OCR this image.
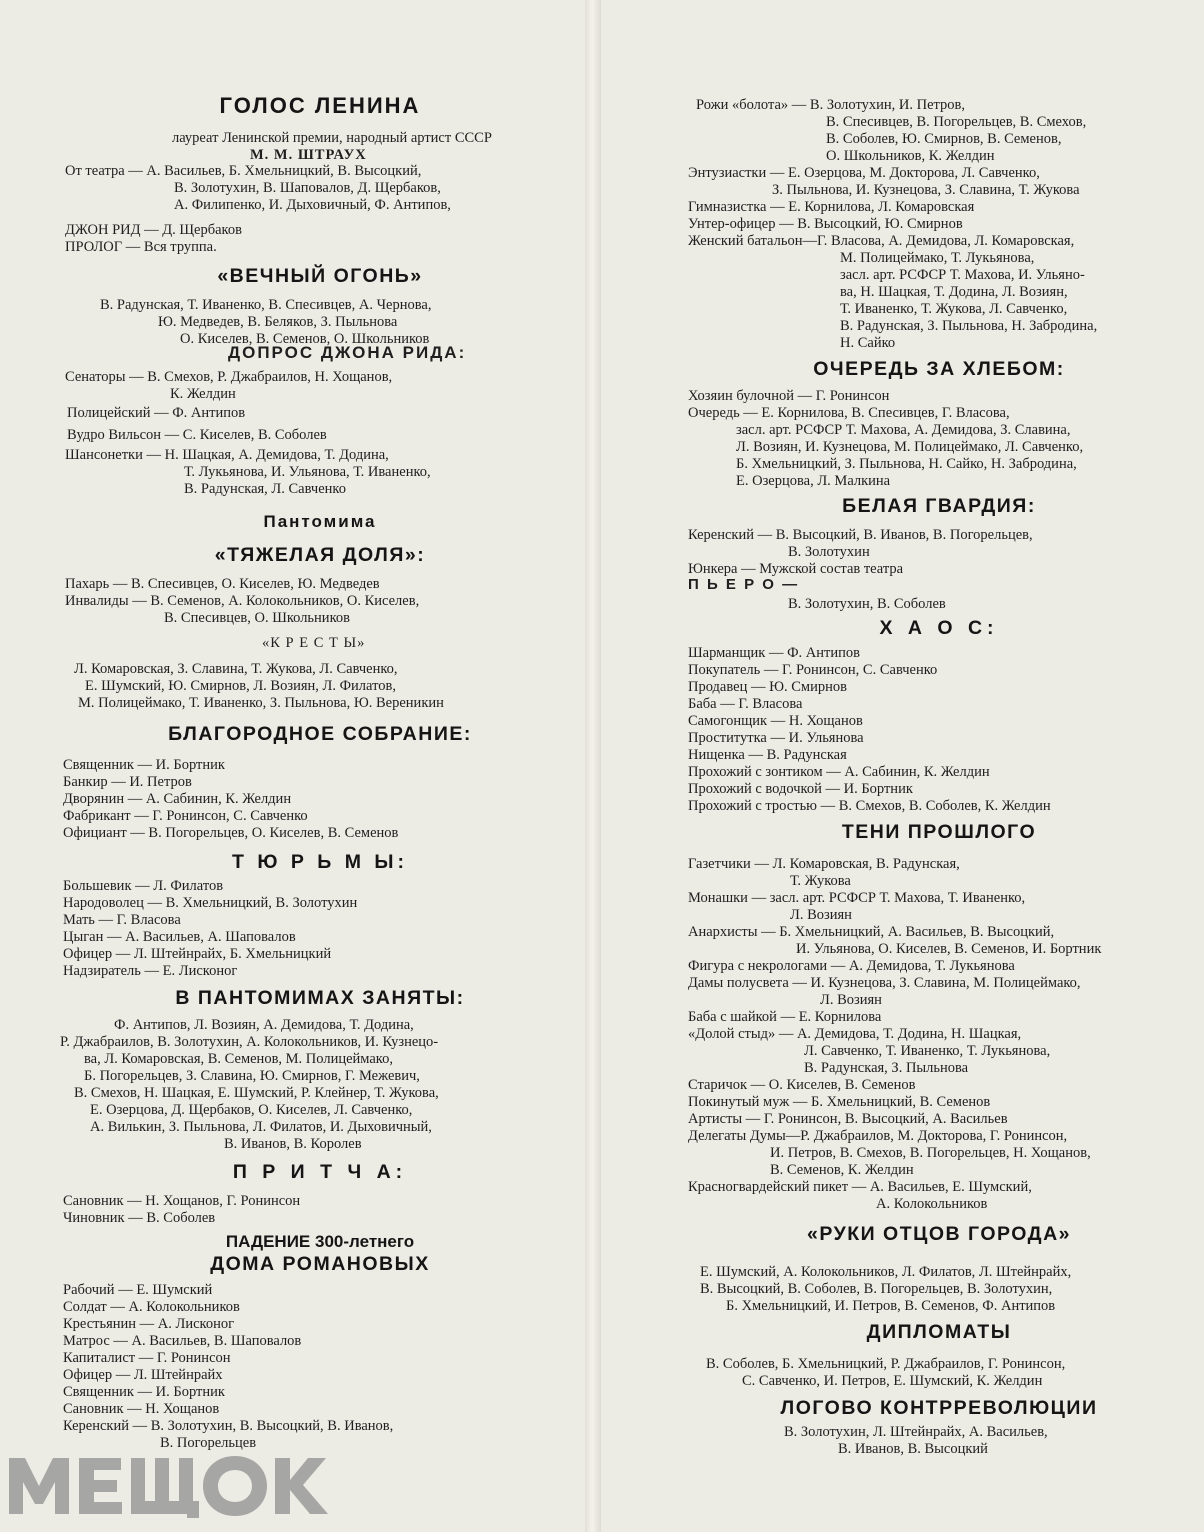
ГОЛОС ЛЕНИНА
лауреат Ленинской премии, народный артист СССР
М. М. ШТРАУХ
От театра — А. Васильев, Б. Хмельницкий, В. Высоцкий,
В. Золотухин, В. Шаповалов, Д. Щербаков,
А. Филипенко, И. Дыховичный, Ф. Антипов,
ДЖОН РИД — Д. Щербаков
ПРОЛОГ — Вся труппа.
«ВЕЧНЫЙ ОГОНЬ»
В. Радунская, Т. Иваненко, В. Спесивцев, А. Чернова,
Ю. Медведев, В. Беляков, З. Пыльнова
О. Киселев, В. Семенов, О. Школьников
ДОПРОС ДЖОНА РИДА:
Сенаторы — В. Смехов, Р. Джабраилов, Н. Хощанов,
К. Желдин
Полицейский — Ф. Антипов
Вудро Вильсон — С. Киселев, В. Соболев
Шансонетки — Н. Шацкая, А. Демидова, Т. Додина,
Т. Лукьянова, И. Ульянова, Т. Иваненко,
В. Радунская, Л. Савченко
Пантомима
«ТЯЖЕЛАЯ ДОЛЯ»:
Пахарь — В. Спесивцев, О. Киселев, Ю. Медведев
Инвалиды — В. Семенов, А. Колокольников, О. Киселев,
В. Спесивцев, О. Школьников
«К Р Е С Т Ы»
Л. Комаровская, З. Славина, Т. Жукова, Л. Савченко,
Е. Шумский, Ю. Смирнов, Л. Возиян, Л. Филатов,
М. Полицеймако, Т. Иваненко, З. Пыльнова, Ю. Вереникин
БЛАГОРОДНОЕ СОБРАНИЕ:
Священник — И. Бортник
Банкир — И. Петров
Дворянин — А. Сабинин, К. Желдин
Фабрикант — Г. Ронинсон, С. Савченко
Официант — В. Погорельцев, О. Киселев, В. Семенов
Т Ю Р Ь М Ы:
Большевик — Л. Филатов
Народоволец — В. Хмельницкий, В. Золотухин
Мать — Г. Власова
Цыган — А. Васильев, А. Шаповалов
Офицер — Л. Штейнрайх, Б. Хмельницкий
Надзиратель — Е. Лисконог
В ПАНТОМИМАХ ЗАНЯТЫ:
Ф. Антипов, Л. Возиян, А. Демидова, Т. Додина,
Р. Джабраилов, В. Золотухин, А. Колокольников, И. Кузнецо-
ва, Л. Комаровская, В. Семенов, М. Полицеймако,
Б. Погорельцев, З. Славина, Ю. Смирнов, Г. Межевич,
В. Смехов, Н. Шацкая, Е. Шумский, Р. Клейнер, Т. Жукова,
Е. Озерцова, Д. Щербаков, О. Киселев, Л. Савченко,
А. Вилькин, З. Пыльнова, Л. Филатов, И. Дыховичный,
В. Иванов, В. Королев
П Р И Т Ч А:
Сановник — Н. Хощанов, Г. Ронинсон
Чиновник — В. Соболев
ПАДЕНИЕ 300-летнего
ДОМА РОМАНОВЫХ
Рабочий — Е. Шумский
Солдат — А. Колокольников
Крестьянин — А. Лисконог
Матрос — А. Васильев, В. Шаповалов
Капиталист — Г. Ронинсон
Офицер — Л. Штейнрайх
Священник — И. Бортник
Сановник — Н. Хощанов
Керенский — В. Золотухин, В. Высоцкий, В. Иванов,
В. Погорельцев
Рожи «болота» — В. Золотухин, И. Петров,
В. Спесивцев, В. Погорельцев, В. Смехов,
В. Соболев, Ю. Смирнов, В. Семенов,
О. Школьников, К. Желдин
Энтузиастки — Е. Озерцова, М. Докторова, Л. Савченко,
З. Пыльнова, И. Кузнецова, З. Славина, Т. Жукова
Гимназистка — Е. Корнилова, Л. Комаровская
Унтер-офицер — В. Высоцкий, Ю. Смирнов
Женский батальон—Г. Власова, А. Демидова, Л. Комаровская,
М. Полицеймако, Т. Лукьянова,
засл. арт. РСФСР Т. Махова, И. Ульяно-
ва, Н. Шацкая, Т. Додина, Л. Возиян,
Т. Иваненко, Т. Жукова, Л. Савченко,
В. Радунская, З. Пыльнова, Н. Забродина,
Н. Сайко
ОЧЕРЕДЬ ЗА ХЛЕБОМ:
Хозяин булочной — Г. Ронинсон
Очередь — Е. Корнилова, В. Спесивцев, Г. Власова,
засл. арт. РСФСР Т. Махова, А. Демидова, З. Славина,
Л. Возиян, И. Кузнецова, М. Полицеймако, Л. Савченко,
Б. Хмельницкий, З. Пыльнова, Н. Сайко, Н. Забродина,
Е. Озерцова, Л. Малкина
БЕЛАЯ ГВАРДИЯ:
Керенский — В. Высоцкий, В. Иванов, В. Погорельцев,
В. Золотухин
Юнкера — Мужской состав театра
П Ь Е Р О —
В. Золотухин, В. Соболев
Х А О С:
Шарманщик — Ф. Антипов
Покупатель — Г. Ронинсон, С. Савченко
Продавец — Ю. Смирнов
Баба — Г. Власова
Самогонщик — Н. Хощанов
Проститутка — И. Ульянова
Нищенка — В. Радунская
Прохожий с зонтиком — А. Сабинин, К. Желдин
Прохожий с водочкой — И. Бортник
Прохожий с тростью — В. Смехов, В. Соболев, К. Желдин
ТЕНИ ПРОШЛОГО
Газетчики — Л. Комаровская, В. Радунская,
Т. Жукова
Монашки — засл. арт. РСФСР Т. Махова, Т. Иваненко,
Л. Возиян
Анархисты — Б. Хмельницкий, А. Васильев, В. Высоцкий,
И. Ульянова, О. Киселев, В. Семенов, И. Бортник
Фигура с некрологами — А. Демидова, Т. Лукьянова
Дамы полусвета — И. Кузнецова, З. Славина, М. Полицеймако,
Л. Возиян
Баба с шайкой — Е. Корнилова
«Долой стыд» — А. Демидова, Т. Додина, Н. Шацкая,
Л. Савченко, Т. Иваненко, Т. Лукьянова,
В. Радунская, З. Пыльнова
Старичок — О. Киселев, В. Семенов
Покинутый муж — Б. Хмельницкий, В. Семенов
Артисты — Г. Ронинсон, В. Высоцкий, А. Васильев
Делегаты Думы—Р. Джабраилов, М. Докторова, Г. Ронинсон,
И. Петров, В. Смехов, В. Погорельцев, Н. Хощанов,
В. Семенов, К. Желдин
Красногвардейский пикет — А. Васильев, Е. Шумский,
А. Колокольников
«РУКИ ОТЦОВ ГОРОДА»
Е. Шумский, А. Колокольников, Л. Филатов, Л. Штейнрайх,
В. Высоцкий, В. Соболев, В. Погорельцев, В. Золотухин,
Б. Хмельницкий, И. Петров, В. Семенов, Ф. Антипов
ДИПЛОМАТЫ
В. Соболев, Б. Хмельницкий, Р. Джабраилов, Г. Ронинсон,
С. Савченко, И. Петров, Е. Шумский, К. Желдин
ЛОГОВО КОНТРРЕВОЛЮЦИИ
В. Золотухин, Л. Штейнрайх, А. Васильев,
В. Иванов, В. Высоцкий
